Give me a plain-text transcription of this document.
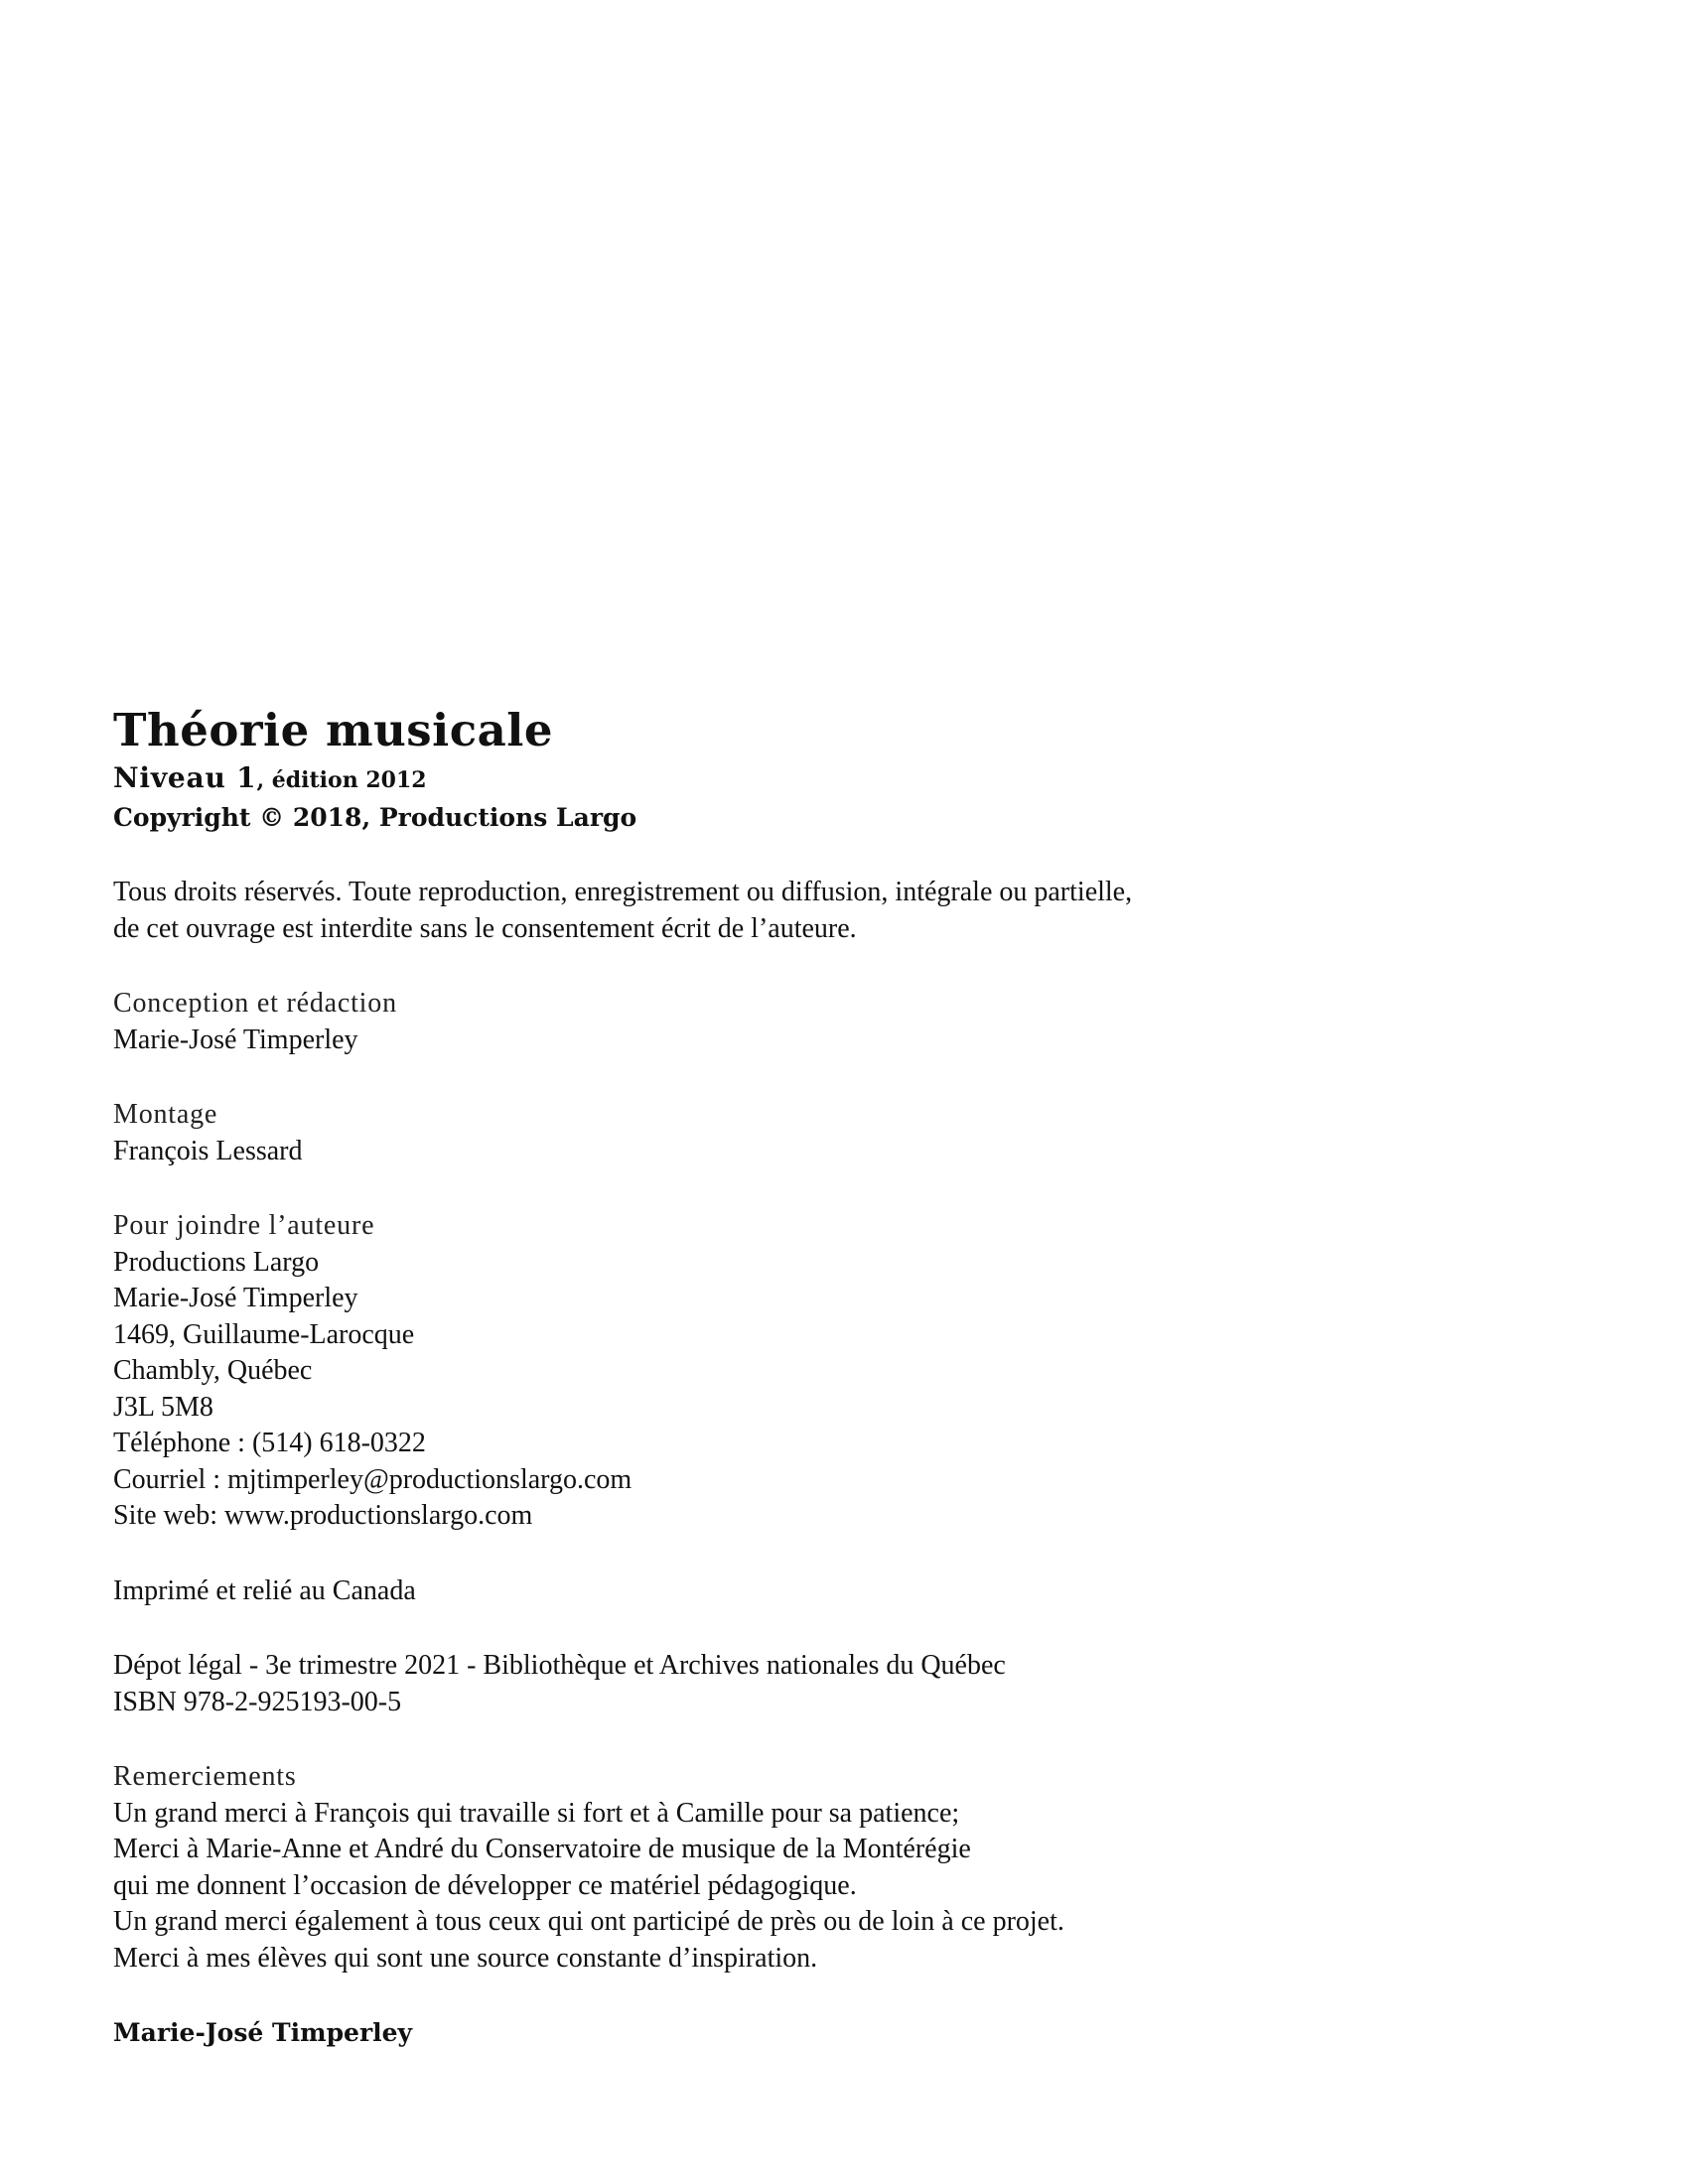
Théorie musicale

Niveau 1, édition 2012

Copyright © 2018, Productions Largo

Tous droits réservés. Toute reproduction, enregistrement ou diffusion, intégrale ou partielle,

de cet ouvrage est interdite sans le consentement écrit de l’auteure.

Conception et rédaction

Marie-José Timperley

Montage

François Lessard

Pour joindre l’auteure

Productions Largo

Marie-José Timperley

1469, Guillaume-Larocque

Chambly, Québec

J3L 5M8

Téléphone : (514) 618-0322

Courriel : mjtimperley@productionslargo.com

Site web: www.productionslargo.com

Imprimé et relié au Canada

Dépot légal - 3e trimestre 2021 - Bibliothèque et Archives nationales du Québec

ISBN 978-2-925193-00-5

Remerciements

Un grand merci à François qui travaille si fort et à Camille pour sa patience;

Merci à Marie-Anne et André du Conservatoire de musique de la Montérégie

qui me donnent l’occasion de développer ce matériel pédagogique.

Un grand merci également à tous ceux qui ont participé de près ou de loin à ce projet.

Merci à mes élèves qui sont une source constante d’inspiration.

Marie-José Timperley
